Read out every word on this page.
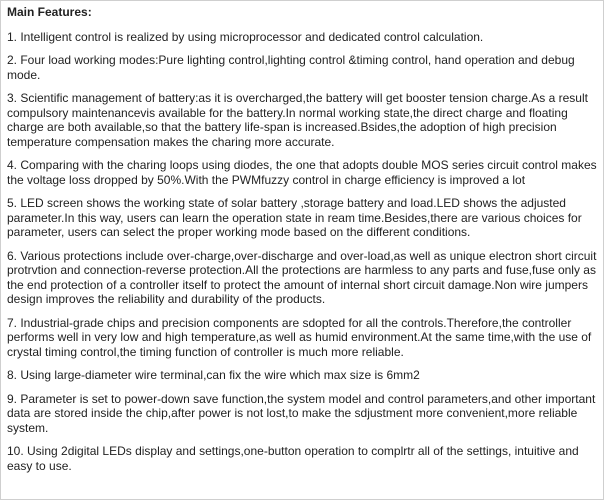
Main Features:

1. Intelligent control is realized by using microprocessor and dedicated control calculation.

2. Four load working modes:Pure lighting control,lighting control &timing control, hand operation and debug mode.

3. Scientific management of battery:as it is overcharged,the battery will get booster tension charge.As a result compulsory maintenancevis available for the battery.In normal working state,the direct charge and floating charge are both available,so that the battery life-span is increased.Bsides,the adoption of high precision temperature compensation makes the charing more accurate.

4. Comparing with the charing loops using diodes, the one that adopts double MOS series circuit control makes the voltage loss dropped by 50%.With the PWMfuzzy control in charge efficiency is improved a lot

5. LED screen shows the working state of solar battery ,storage battery and load.LED shows the adjusted parameter.In this way, users can learn the operation state in ream time.Besides,there are various choices for parameter, users can select the proper working mode based on the different conditions.

6. Various protections include over-charge,over-discharge and over-load,as well as unique electron short circuit protrvtion and connection-reverse protection.All the protections are harmless to any parts and fuse,fuse only as the end protection of a controller itself to protect the amount of internal short circuit damage.Non wire jumpers design improves the reliability and durability of the products.

7. Industrial-grade chips and precision components are sdopted for all the controls.Therefore,the controller performs well in very low and high temperature,as well as humid environment.At the same time,with the use of crystal timing control,the timing function of controller is much more reliable.

8. Using large-diameter wire terminal,can fix the wire which max size is 6mm2

9. Parameter is set to power-down save function,the system model and control parameters,and other important data are stored inside the chip,after power is not lost,to make the sdjustment more convenient,more reliable system.

10. Using 2digital LEDs display and settings,one-button operation to complrtr all of the settings, intuitive and easy to use.
